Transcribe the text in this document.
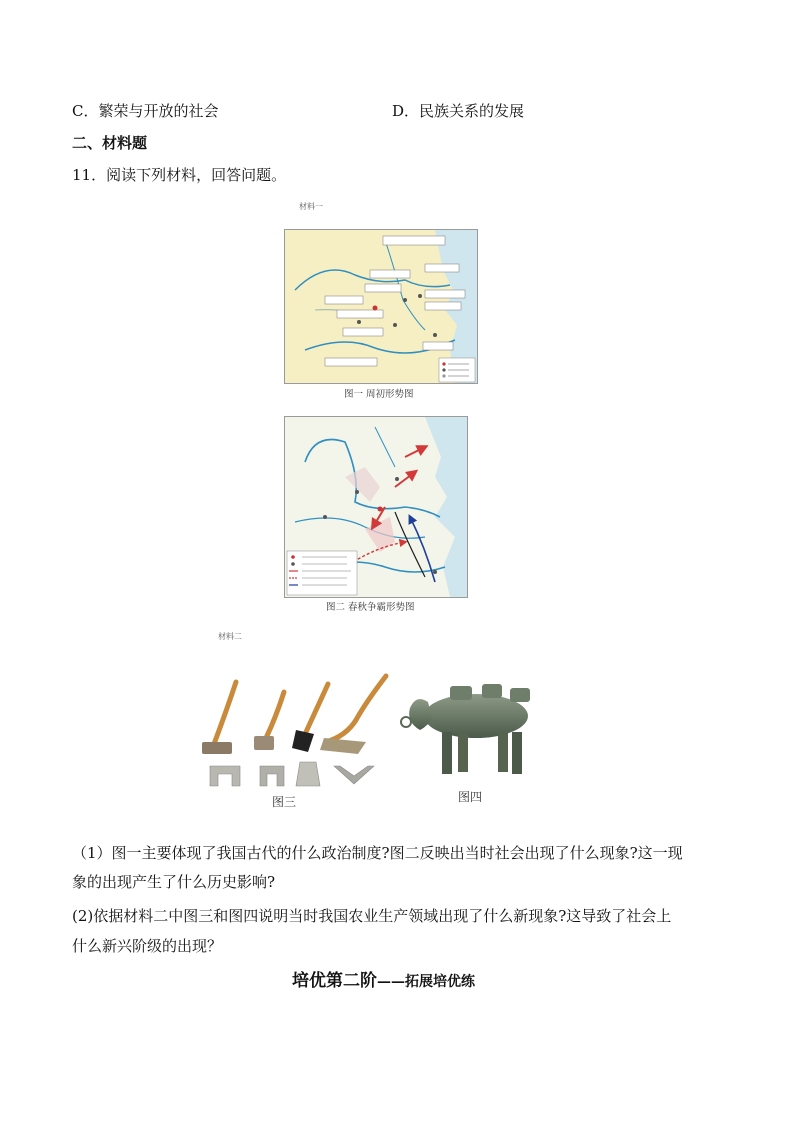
C．繁荣与开放的社会	D．民族关系的发展
二、材料题
11．阅读下列材料，回答问题。
材料一
图一 周初形势图
图二 春秋争霸形势图
材料二
图三	图四
（1）图一主要体现了我国古代的什么政治制度?图二反映出当时社会出现了什么现象?这一现
象的出现产生了什么历史影响?
(2)依据材料二中图三和图四说明当时我国农业生产领域出现了什么新现象?这导致了社会上
什么新兴阶级的出现？
培优第二阶——拓展培优练
